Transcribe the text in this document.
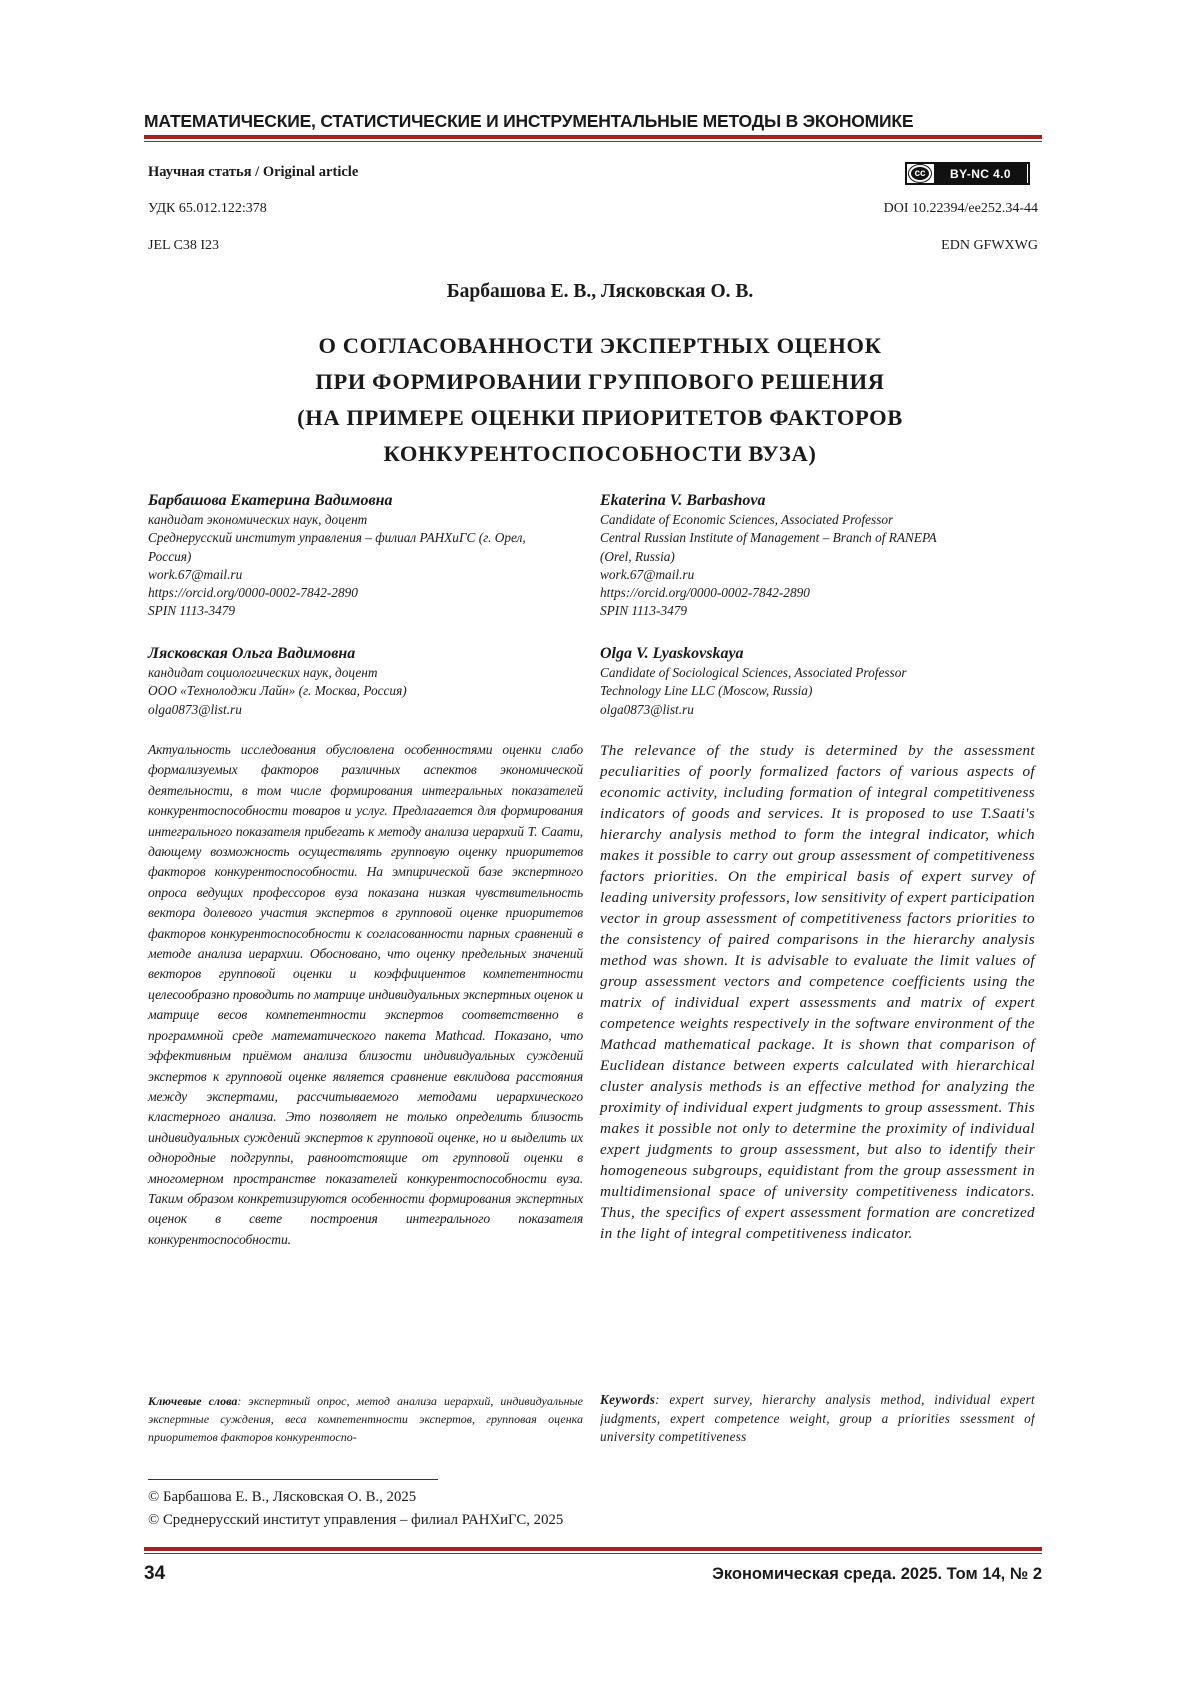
МАТЕМАТИЧЕСКИЕ, СТАТИСТИЧЕСКИЕ И ИНСТРУМЕНТАЛЬНЫЕ МЕТОДЫ В ЭКОНОМИКЕ
Научная статья / Original article	cc	BY-NC 4.0
УДК 65.012.122:378	DOI 10.22394/ee252.34-44
JEL C38 I23	EDN GFWXWG
Барбашова Е. В., Лясковская О. В.
О СОГЛАСОВАННОСТИ ЭКСПЕРТНЫХ ОЦЕНОК
ПРИ ФОРМИРОВАНИИ ГРУППОВОГО РЕШЕНИЯ
(НА ПРИМЕРЕ ОЦЕНКИ ПРИОРИТЕТОВ ФАКТОРОВ
КОНКУРЕНТОСПОСОБНОСТИ ВУЗА)
Барбашова Екатерина Вадимовна
кандидат экономических наук, доцент
Среднерусский институт управления – филиал РАНХиГС (г. Орел,
Россия)
work.67@mail.ru
https://orcid.org/0000-0002-7842-2890
SPIN 1113-3479
Ekaterina V. Barbashova
Candidate of Economic Sciences, Associated Professor
Central Russian Institute of Management – Branch of RANEPA
(Orel, Russia)
work.67@mail.ru
https://orcid.org/0000-0002-7842-2890
SPIN 1113-3479
Лясковская Ольга Вадимовна
кандидат социологических наук, доцент
ООО «Технолоджи Лайн» (г. Москва, Россия)
olga0873@list.ru
Olga V. Lyaskovskaya
Candidate of Sociological Sciences, Associated Professor
Technology Line LLC (Moscow, Russia)
olga0873@list.ru
Актуальность исследования обусловлена особенностями оценки слабо формализуемых факторов различных аспектов экономической деятельности, в том числе формирования интегральных показателей конкурентоспособности товаров и услуг. Предлагается для формирования интегрального показателя прибегать к методу анализа иерархий Т. Саати, дающему возможность осуществлять групповую оценку приоритетов факторов конкурентоспособности. На эмпирической базе экспертного опроса ведущих профессоров вуза показана низкая чувствительность вектора долевого участия экспертов в групповой оценке приоритетов факторов конкурентоспособности к согласованности парных сравнений в методе анализа иерархии. Обосновано, что оценку предельных значений векторов групповой оценки и коэффициентов компетентности целесообразно проводить по матрице индивидуальных экспертных оценок и матрице весов компетентности экспертов соответственно в программной среде математического пакета Mathcad. Показано, что эффективным приёмом анализа близости индивидуальных суждений экспертов к групповой оценке является сравнение евклидова расстояния между экспертами, рассчитываемого методами иерархического кластерного анализа. Это позволяет не только определить близость индивидуальных суждений экспертов к групповой оценке, но и выделить их однородные подгруппы, равноотстоящие от групповой оценки в многомерном пространстве показателей конкурентоспособности вуза. Таким образом конкретизируются особенности формирования экспертных оценок в свете построения интегрального показателя конкурентоспособности.
The relevance of the study is determined by the assessment peculiarities of poorly formalized factors of various aspects of economic activity, including formation of integral competitiveness indicators of goods and services. It is proposed to use T.Saati's hierarchy analysis method to form the integral indicator, which makes it possible to carry out group assessment of competitiveness factors priorities. On the empirical basis of expert survey of leading university professors, low sensitivity of expert participation vector in group assessment of competitiveness factors priorities to the consistency of paired comparisons in the hierarchy analysis method was shown. It is advisable to evaluate the limit values of group assessment vectors and competence coefficients using the matrix of individual expert assessments and matrix of expert competence weights respectively in the software environment of the Mathcad mathematical package. It is shown that comparison of Euclidean distance between experts calculated with hierarchical cluster analysis methods is an effective method for analyzing the proximity of individual expert judgments to group assessment. This makes it possible not only to determine the proximity of individual expert judgments to group assessment, but also to identify their homogeneous subgroups, equidistant from the group assessment in multidimensional space of university competitiveness indicators. Thus, the specifics of expert assessment formation are concretized in the light of integral competitiveness indicator.
Ключевые слова: экспертный опрос, метод анализа иерархий, индивидуальные экспертные суждения, веса компетентности экспертов, групповая оценка приоритетов факторов конкурентоспо-
Keywords: expert survey, hierarchy analysis method, individual expert judgments, expert competence weight, group a priorities ssessment of university competitiveness
© Барбашова Е. В., Лясковская О. В., 2025
© Среднерусский институт управления – филиал РАНХиГС, 2025
34	Экономическая среда. 2025. Том 14, № 2
